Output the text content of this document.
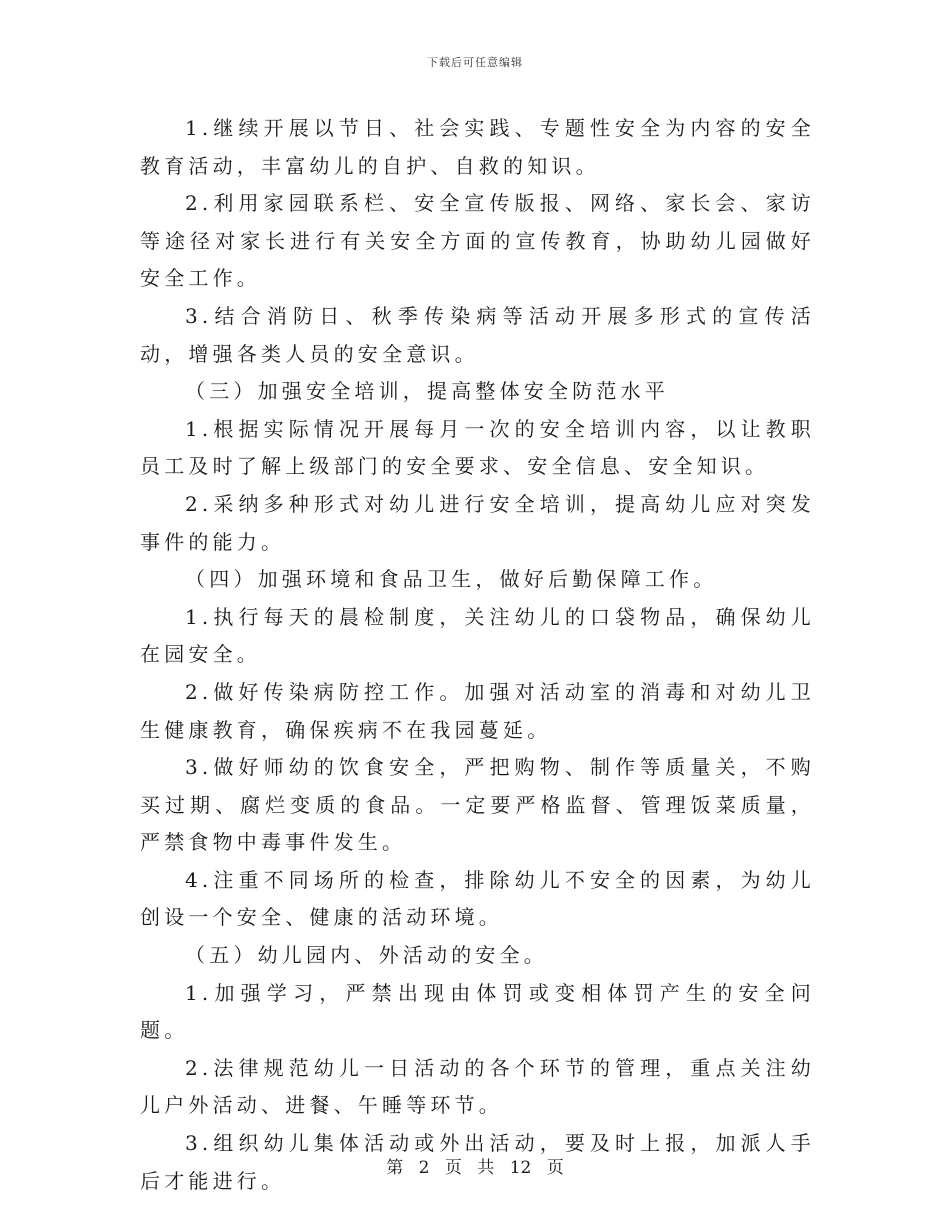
下载后可任意编辑

1.继续开展以节日、社会实践、专题性安全为内容的安全教育活动，丰富幼儿的自护、自救的知识。

2.利用家园联系栏、安全宣传版报、网络、家长会、家访等途径对家长进行有关安全方面的宣传教育，协助幼儿园做好安全工作。

3.结合消防日、秋季传染病等活动开展多形式的宣传活动，增强各类人员的安全意识。

（三）加强安全培训，提高整体安全防范水平

1.根据实际情况开展每月一次的安全培训内容，以让教职员工及时了解上级部门的安全要求、安全信息、安全知识。

2.采纳多种形式对幼儿进行安全培训，提高幼儿应对突发事件的能力。

（四）加强环境和食品卫生，做好后勤保障工作。

1.执行每天的晨检制度，关注幼儿的口袋物品，确保幼儿在园安全。

2.做好传染病防控工作。加强对活动室的消毒和对幼儿卫生健康教育，确保疾病不在我园蔓延。

3.做好师幼的饮食安全，严把购物、制作等质量关，不购买过期、腐烂变质的食品。一定要严格监督、管理饭菜质量，严禁食物中毒事件发生。

4.注重不同场所的检查，排除幼儿不安全的因素，为幼儿创设一个安全、健康的活动环境。

（五）幼儿园内、外活动的安全。

1.加强学习，严禁出现由体罚或变相体罚产生的安全问题。

2.法律规范幼儿一日活动的各个环节的管理，重点关注幼儿户外活动、进餐、午睡等环节。

3.组织幼儿集体活动或外出活动，要及时上报，加派人手后才能进行。

第 2 页 共 12 页
